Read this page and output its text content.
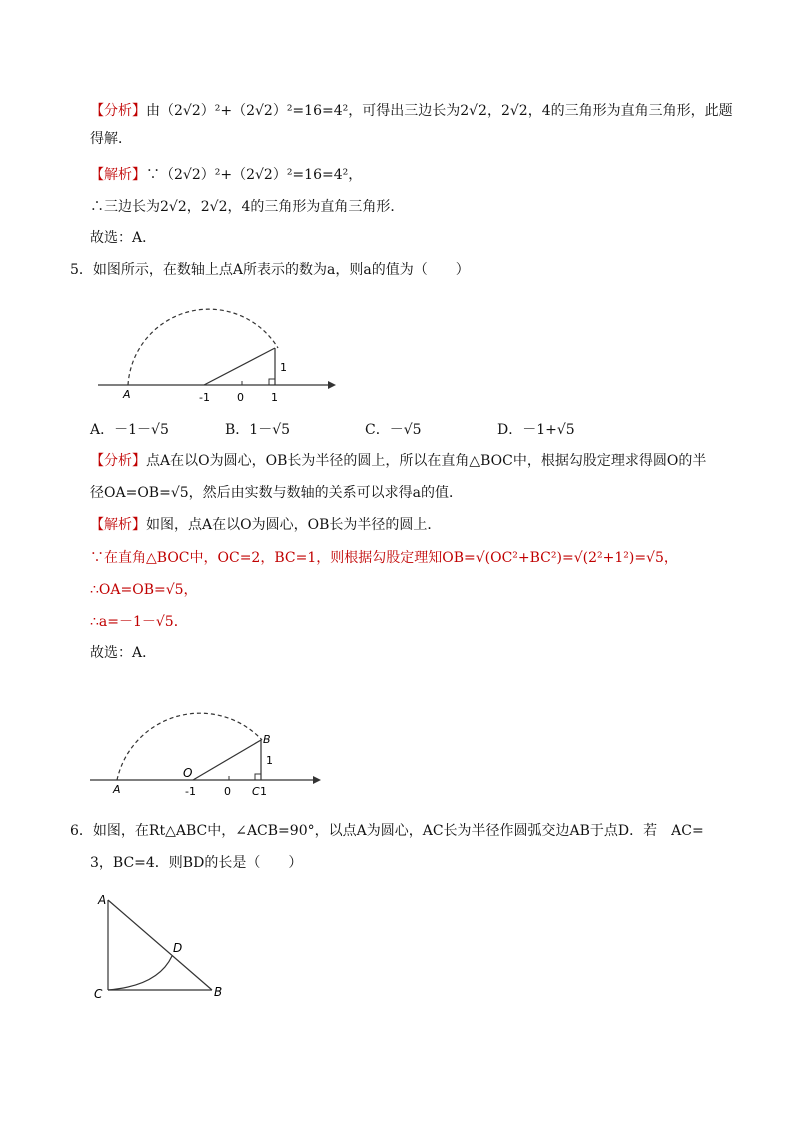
【分析】由（2√2）²+（2√2）²=16=4²，可得出三边长为2√2，2√2，4的三角形为直角三角形，此题
得解．
【解析】∵（2√2）²+（2√2）²=16=4²，
∴三边长为2√2，2√2，4的三角形为直角三角形．
故选：A．
5．如图所示，在数轴上点A所表示的数为a，则a的值为（　　）
A	-1 0 1
1
A．－1－√5	B．1－√5	C．－√5	D．－1+√5
【分析】点A在以O为圆心，OB长为半径的圆上，所以在直角△BOC中，根据勾股定理求得圆O的半
径OA=OB=√5，然后由实数与数轴的关系可以求得a的值．
【解析】如图，点A在以O为圆心，OB长为半径的圆上．
∵在直角△BOC中，OC=2，BC=1，则根据勾股定理知OB=√(OC²+BC²)=√(2²+1²)=√5，
∴OA=OB=√5，
∴a=－1－√5．
故选：A．
A
O
B
C
-1	0	1
1
6．如图，在Rt△ABC中，∠ACB=90°，以点A为圆心，AC长为半径作圆弧交边AB于点D．若　AC=
3，BC=4．则BD的长是（　　）
A
D
C	B
